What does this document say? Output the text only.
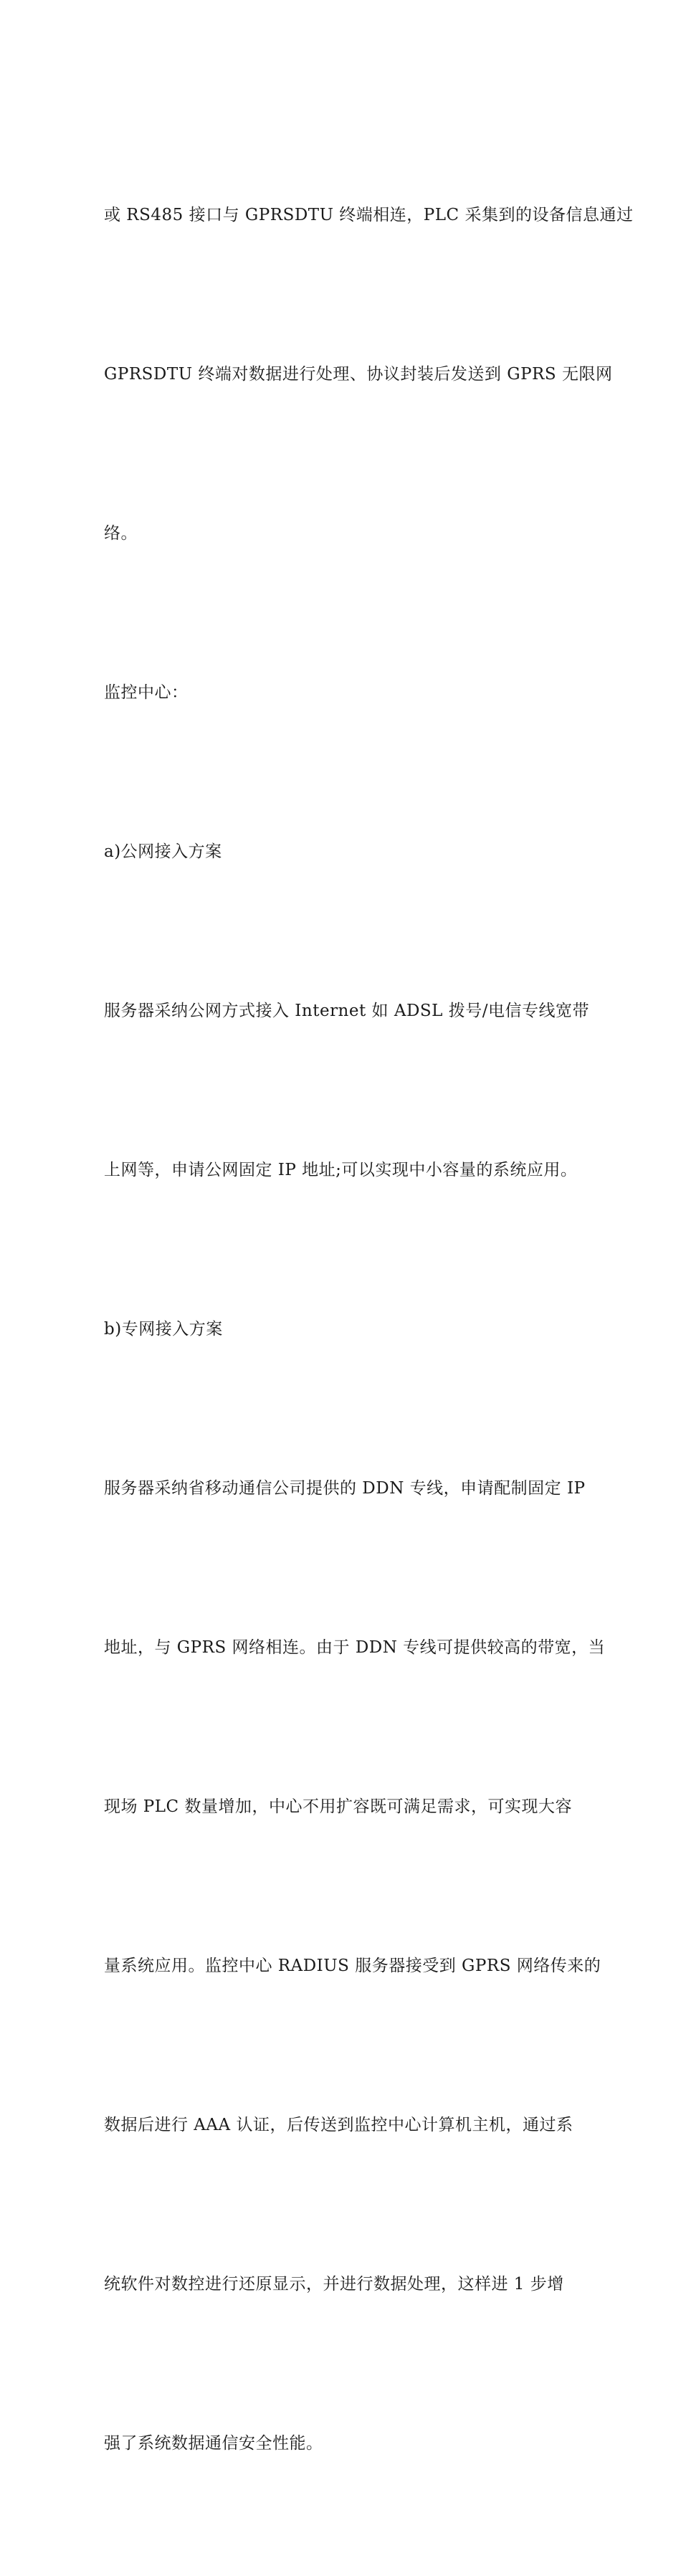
或 RS485 接口与 GPRSDTU 终端相连，PLC 采集到的设备信息通过

GPRSDTU 终端对数据进行处理、协议封装后发送到 GPRS 无限网

络。

监控中心：

a)公网接入方案

服务器采纳公网方式接入 Internet 如 ADSL 拨号/电信专线宽带

上网等，申请公网固定 IP 地址;可以实现中小容量的系统应用。

b)专网接入方案

服务器采纳省移动通信公司提供的 DDN 专线，申请配制固定 IP

地址，与 GPRS 网络相连。由于 DDN 专线可提供较高的带宽，当

现场 PLC 数量增加，中心不用扩容既可满足需求，可实现大容

量系统应用。监控中心 RADIUS 服务器接受到 GPRS 网络传来的

数据后进行 AAA 认证，后传送到监控中心计算机主机，通过系

统软件对数控进行还原显示，并进行数据处理，这样进 1 步增

强了系统数据通信安全性能。
